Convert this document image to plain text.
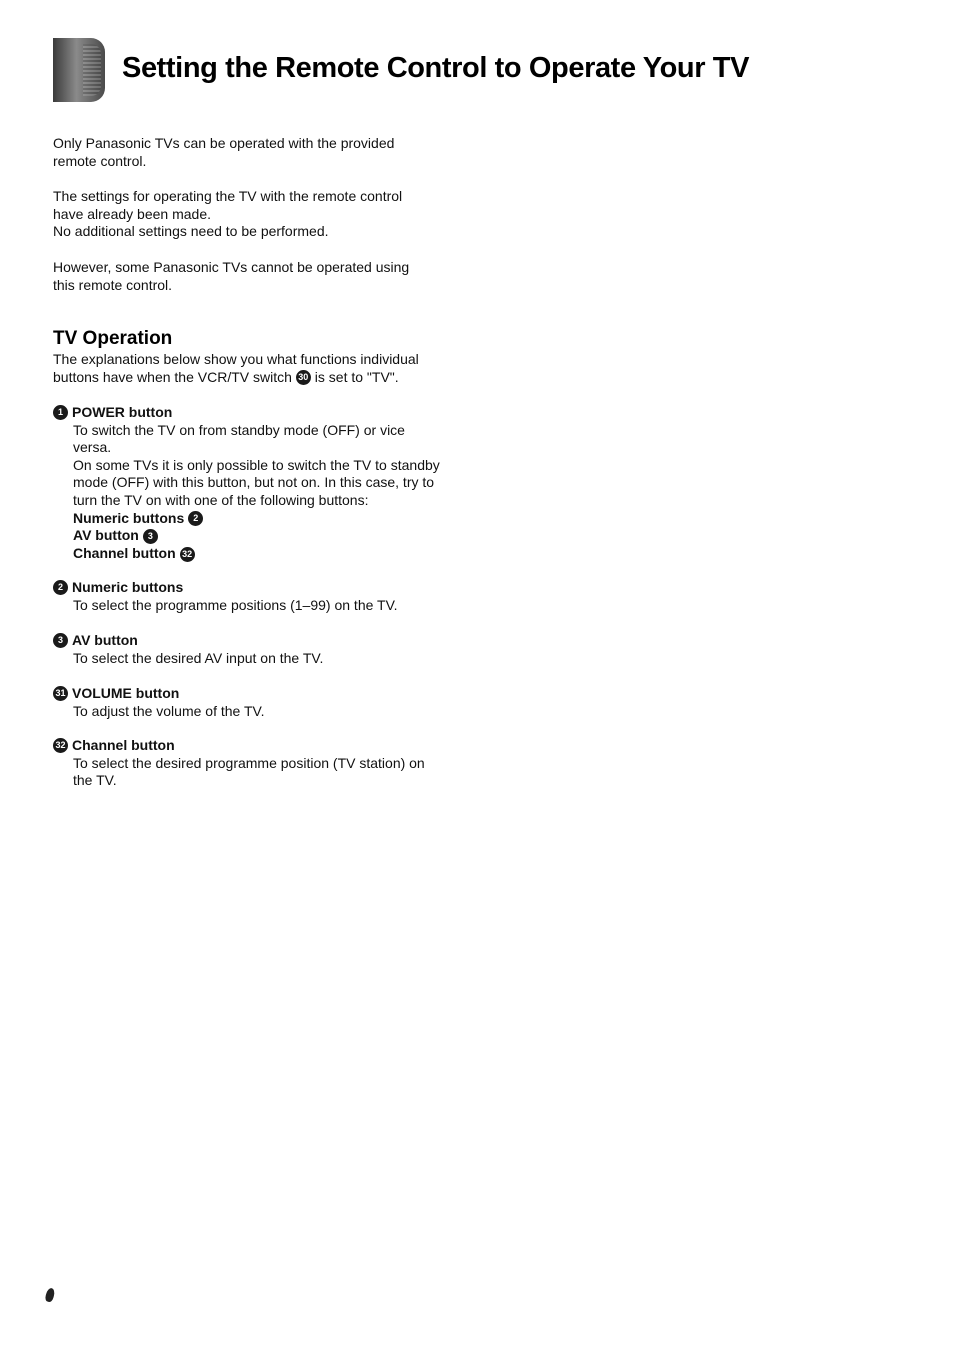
Setting the Remote Control to Operate Your TV

Only Panasonic TVs can be operated with the provided

remote control.

The settings for operating the TV with the remote control

have already been made.

No additional settings need to be performed.

However, some Panasonic TVs cannot be operated using

this remote control.

TV Operation

The explanations below show you what functions individual

buttons have when the VCR/TV switch 30 is set to "TV".

1 POWER button

To switch the TV on from standby mode (OFF) or vice

versa.

On some TVs it is only possible to switch the TV to standby

mode (OFF) with this button, but not on. In this case, try to

turn the TV on with one of the following buttons:

Numeric buttons 2

AV button 3

Channel button 32

2 Numeric buttons

To select the programme positions (1–99) on the TV.

3 AV button

To select the desired AV input on the TV.

31 VOLUME button

To adjust the volume of the TV.

32 Channel button

To select the desired programme position (TV station) on

the TV.
